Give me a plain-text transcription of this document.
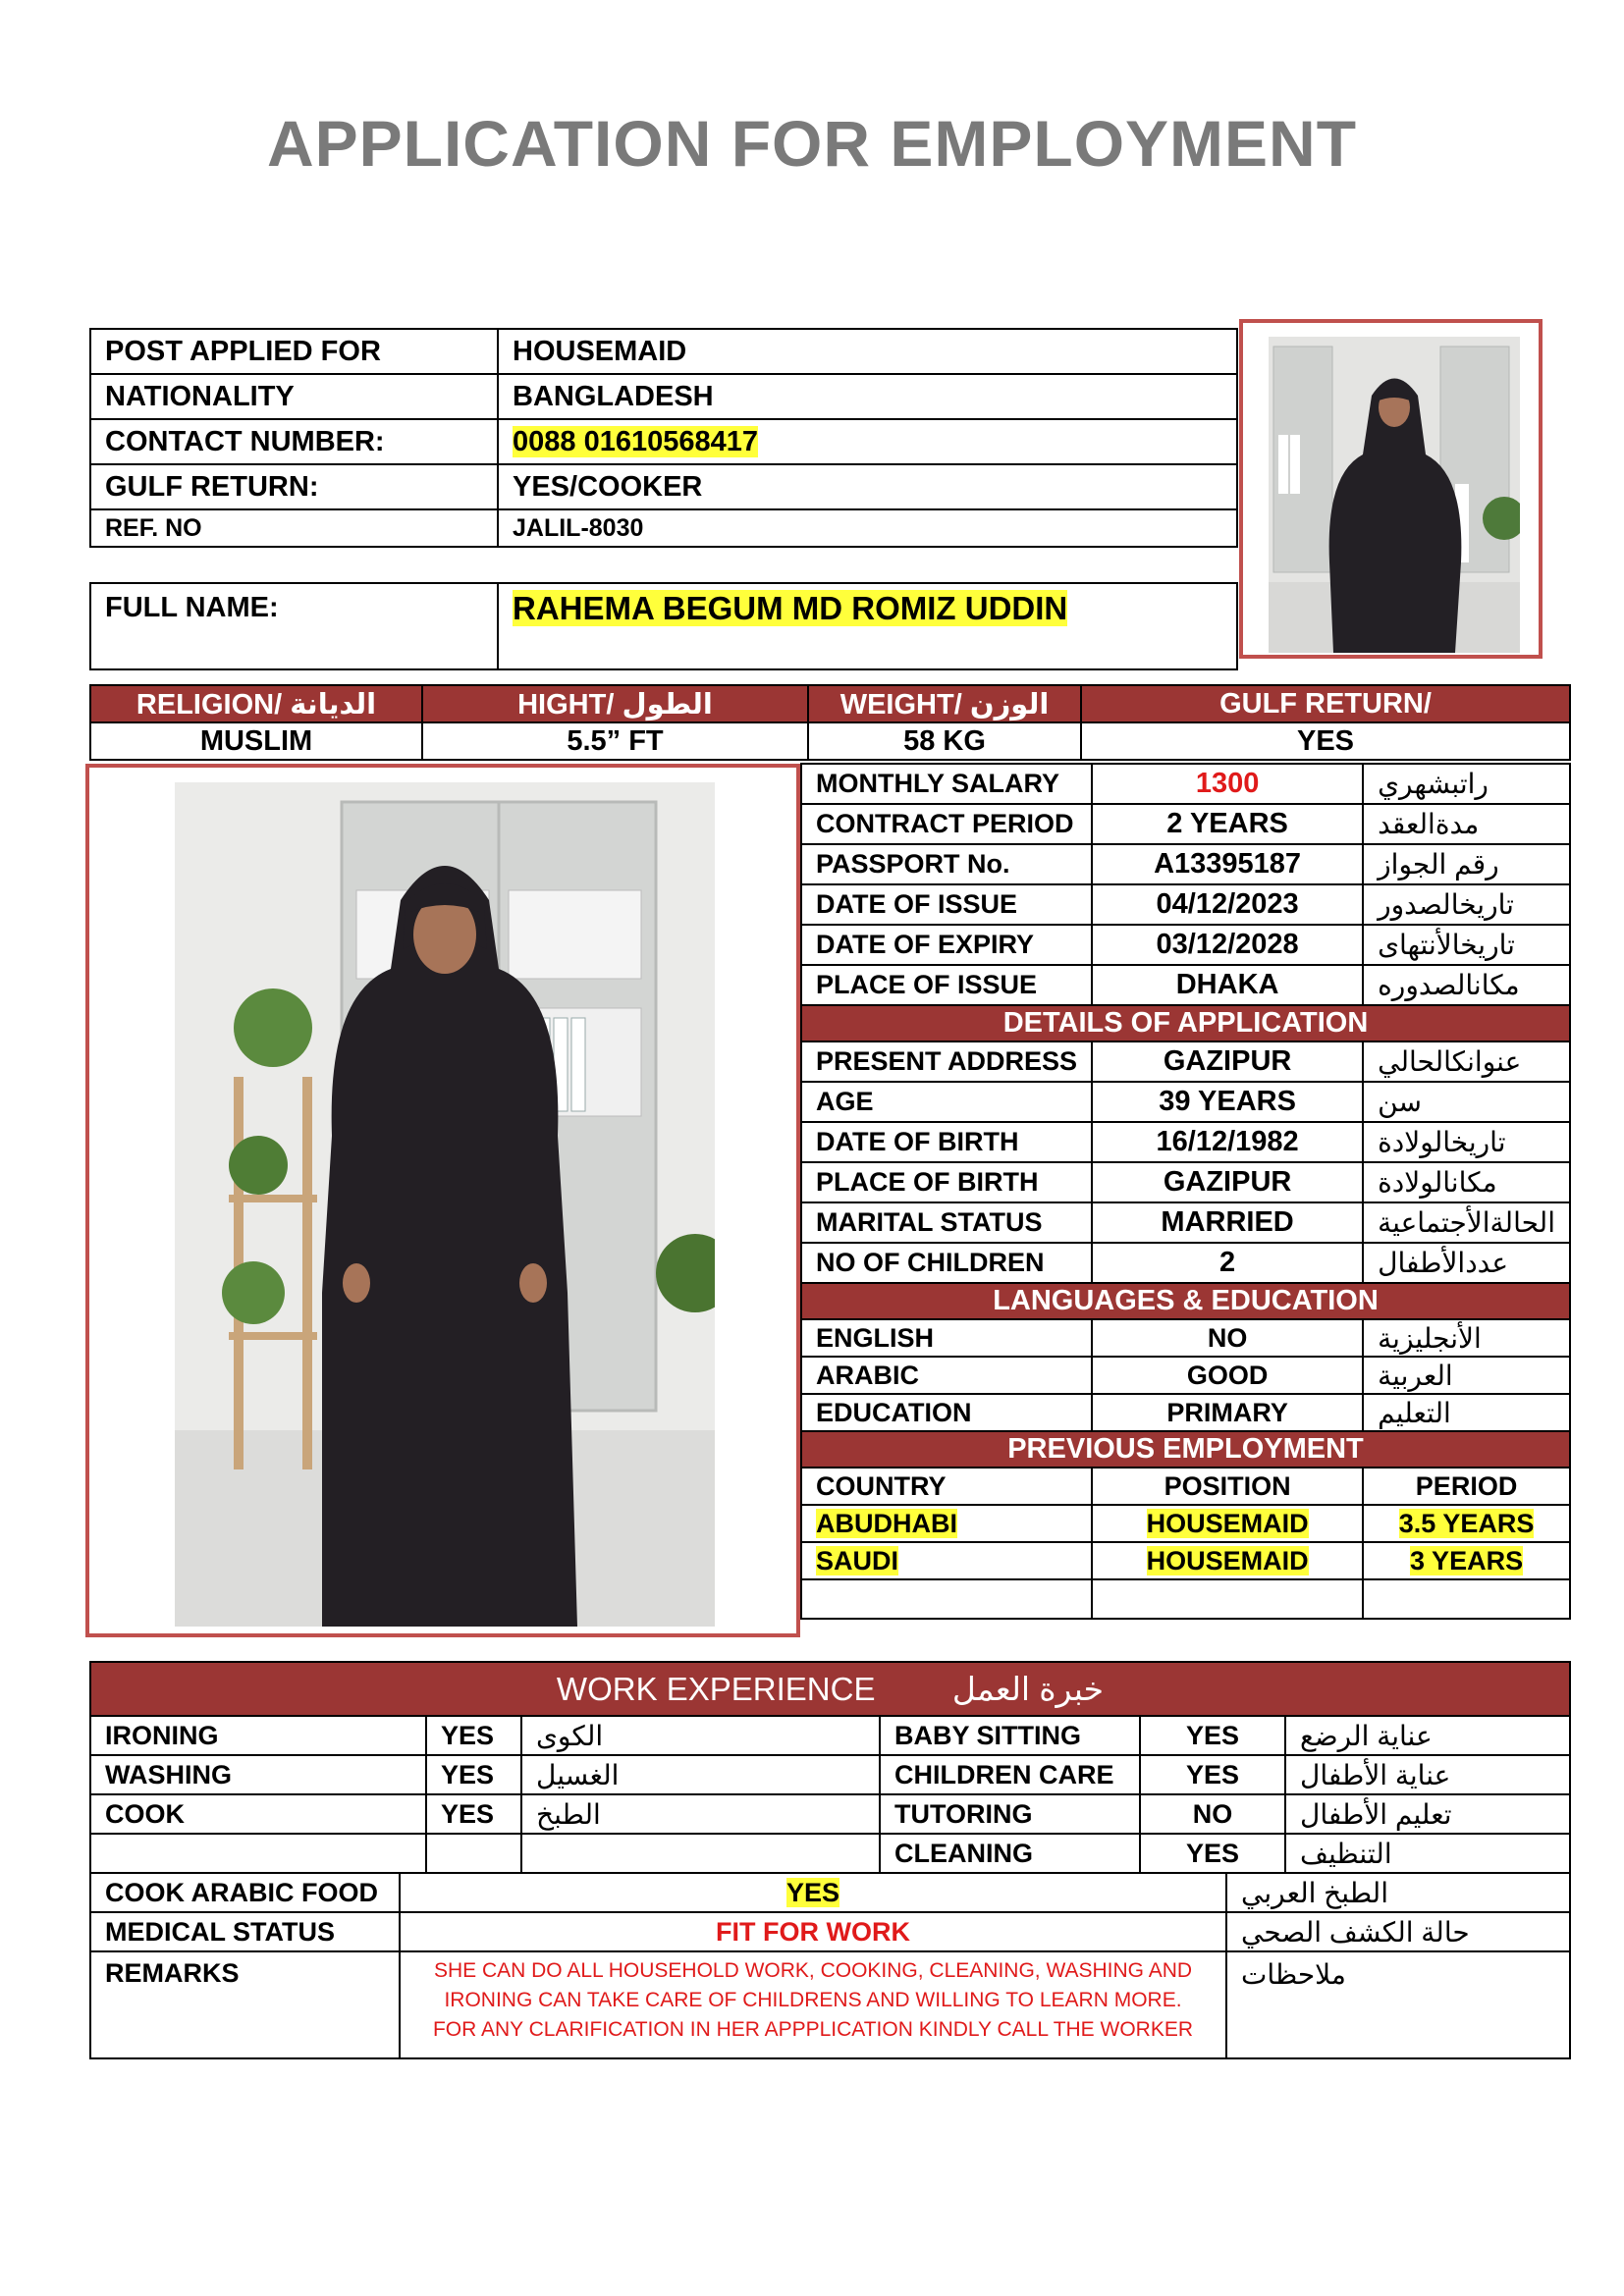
APPLICATION FOR EMPLOYMENT
POST APPLIED FOR	HOUSEMAID
NATIONALITY	BANGLADESH
CONTACT NUMBER:	0088 01610568417
GULF RETURN:	YES/COOKER
REF. NO	JALIL-8030
FULL NAME:	RAHEMA BEGUM MD ROMIZ UDDIN
RELIGION/ الديانة	HIGHT/ الطول	WEIGHT/ الوزن	GULF RETURN/
MUSLIM	5.5” FT	58 KG	YES
MONTHLY SALARY	1300	راتبشهري
CONTRACT PERIOD	2 YEARS	مدةالعقد
PASSPORT No.	A13395187	رقم الجواز
DATE OF ISSUE	04/12/2023	تاريخالصدور
DATE OF EXPIRY	03/12/2028	تاريخالأنتهاى
PLACE OF ISSUE	DHAKA	مكانالصدوره
DETAILS OF APPLICATION		
PRESENT ADDRESS	GAZIPUR	عنوانكالحالي
AGE	39 YEARS	سن
DATE OF BIRTH	16/12/1982	تاريخالولادة
PLACE OF BIRTH	GAZIPUR	مكانالولادة
MARITAL STATUS	MARRIED	الحالةالأجتماعية
NO OF CHILDREN	2	عددالأطفال
LANGUAGES & EDUCATION		
ENGLISH	NO	الأنجليزية
ARABIC	GOOD	العربية
EDUCATION	PRIMARY	التعليم
PREVIOUS EMPLOYMENT		
COUNTRY	POSITION	PERIOD
ABUDHABI	HOUSEMAID	3.5 YEARS
SAUDI	HOUSEMAID	3 YEARS

WORK EXPERIENCE خبرة العمل					
IRONING	YES	الكوى	BABY SITTING	YES	عناية الرضع
WASHING	YES	الغسيل	CHILDREN CARE	YES	عناية الأطفال
COOK	YES	الطبخ	TUTORING	NO	تعليم الأطفال
			CLEANING	YES	التنظيف
COOK ARABIC FOOD	YES	الطبخ العربي
MEDICAL STATUS	FIT FOR WORK	حالة الكشف الصحي
REMARKS	SHE CAN DO ALL HOUSEHOLD WORK, COOKING, CLEANING, WASHING AND IRONING CAN TAKE CARE OF CHILDRENS AND WILLING TO LEARN MORE. FOR ANY CLARIFICATION IN HER APPPLICATION KINDLY CALL THE WORKER	ملاحظات
